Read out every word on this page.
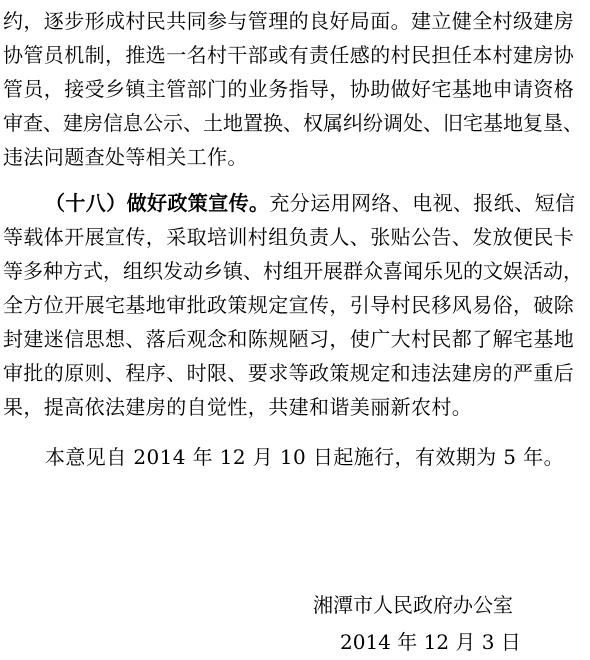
约，逐步形成村民共同参与管理的良好局面。建立健全村级建房
协管员机制，推选一名村干部或有责任感的村民担任本村建房协
管员，接受乡镇主管部门的业务指导，协助做好宅基地申请资格
审查、建房信息公示、土地置换、权属纠纷调处、旧宅基地复垦、
违法问题查处等相关工作。
（十八）做好政策宣传。充分运用网络、电视、报纸、短信
等载体开展宣传，采取培训村组负责人、张贴公告、发放便民卡
等多种方式，组织发动乡镇、村组开展群众喜闻乐见的文娱活动，
全方位开展宅基地审批政策规定宣传，引导村民移风易俗，破除
封建迷信思想、落后观念和陈规陋习，使广大村民都了解宅基地
审批的原则、程序、时限、要求等政策规定和违法建房的严重后
果，提高依法建房的自觉性，共建和谐美丽新农村。
本意见自 2014 年 12 月 10 日起施行，有效期为 5 年。
湘潭市人民政府办公室
2014 年 12 月 3 日
